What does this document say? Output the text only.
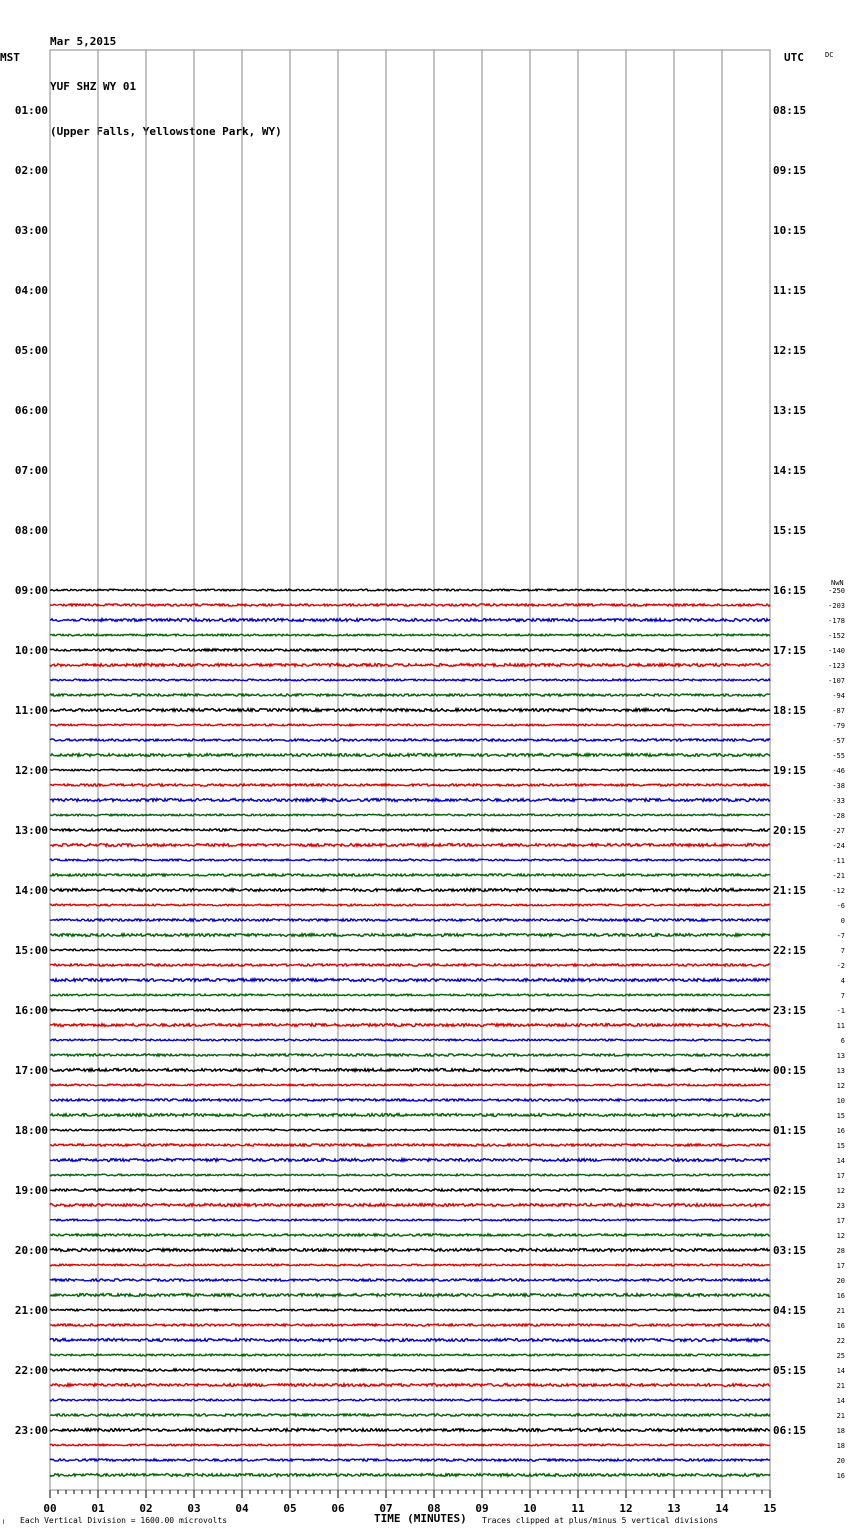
Mar 5,2015

YUF SHZ WY 01

(Upper Falls, Yellowstone Park, WY)

MST	UTC	DC
NwN
01:00
02:00
03:00
04:00
05:00
06:00
07:00
08:00
09:00
10:00
11:00
12:00
13:00
14:00
15:00
16:00
17:00
18:00
19:00
20:00
21:00
22:00
23:00
08:15
09:15
10:15
11:15
12:15
13:15
14:15
15:15
16:15
17:15
18:15
19:15
20:15
21:15
22:15
23:15
00:15
01:15
02:15
03:15
04:15
05:15
06:15
-250
-203
-178
-152
-140
-123
-107
-94
-87
-79
-57
-55
-46
-38
-33
-28
-27
-24
-11
-21
-12
-6
0
-7
7
-2
4
7
-1
11
6
13
13
12
10
15
16
15
14
17
12
23
17
12
28
17
20
16
21
16
22
25
14
21
14
21
18
18
20
16
00	01	02	03	04	05	06	07	08	09	10	11	12	13	14	15
⌇ Each Vertical Division = 1600.00 microvolts	TIME (MINUTES) Traces clipped at plus/minus 5 vertical divisions
